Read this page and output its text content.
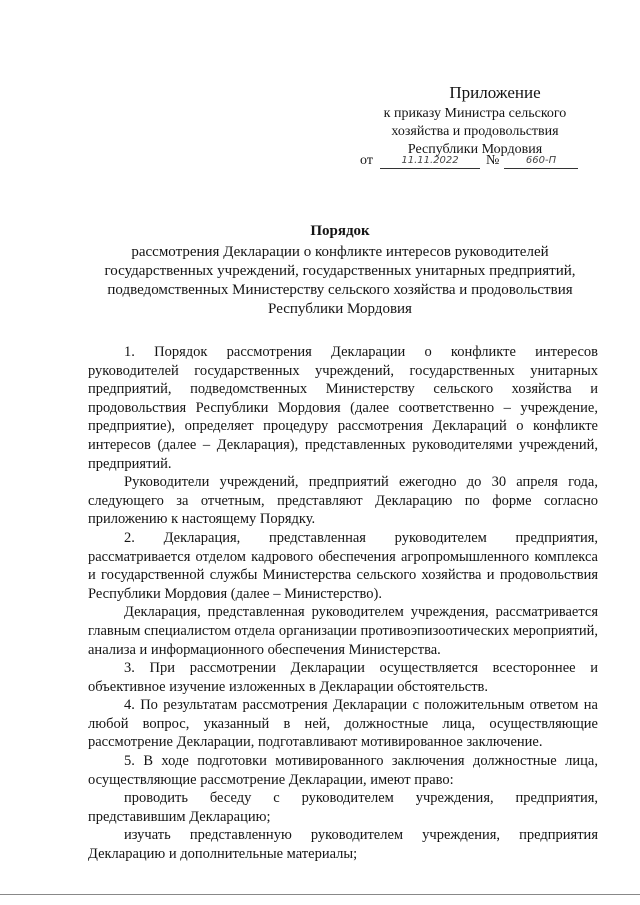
Приложение
к приказу Министра сельского
хозяйства и продовольствия
Республики Мордовия
от	11.11.2022	№	660-П
Порядок
рассмотрения Декларации о конфликте интересов руководителей
государственных учреждений, государственных унитарных предприятий,
подведомственных Министерству сельского хозяйства и продовольствия
Республики Мордовия

1. Порядок рассмотрения Декларации о конфликте интересов руководителей государственных учреждений, государственных унитарных предприятий, подведомственных Министерству сельского хозяйства и продовольствия Республики Мордовия (далее соответственно – учреждение, предприятие), определяет процедуру рассмотрения Деклараций о конфликте интересов (далее – Декларация), представленных руководителями учреждений, предприятий.

Руководители учреждений, предприятий ежегодно до 30 апреля года, следующего за отчетным, представляют Декларацию по форме согласно приложению к настоящему Порядку.

2. Декларация, представленная руководителем предприятия, рассматривается отделом кадрового обеспечения агропромышленного комплекса и государственной службы Министерства сельского хозяйства и продовольствия Республики Мордовия (далее – Министерство).

Декларация, представленная руководителем учреждения, рассматривается главным специалистом отдела организации противоэпизоотических мероприятий, анализа и информационного обеспечения Министерства.

3. При рассмотрении Декларации осуществляется всестороннее и объективное изучение изложенных в Декларации обстоятельств.

4. По результатам рассмотрения Декларации с положительным ответом на любой вопрос, указанный в ней, должностные лица, осуществляющие рассмотрение Декларации, подготавливают мотивированное заключение.

5. В ходе подготовки мотивированного заключения должностные лица, осуществляющие рассмотрение Декларации, имеют право:

проводить беседу с руководителем учреждения, предприятия, представившим Декларацию;

изучать представленную руководителем учреждения, предприятия Декларацию и дополнительные материалы;
